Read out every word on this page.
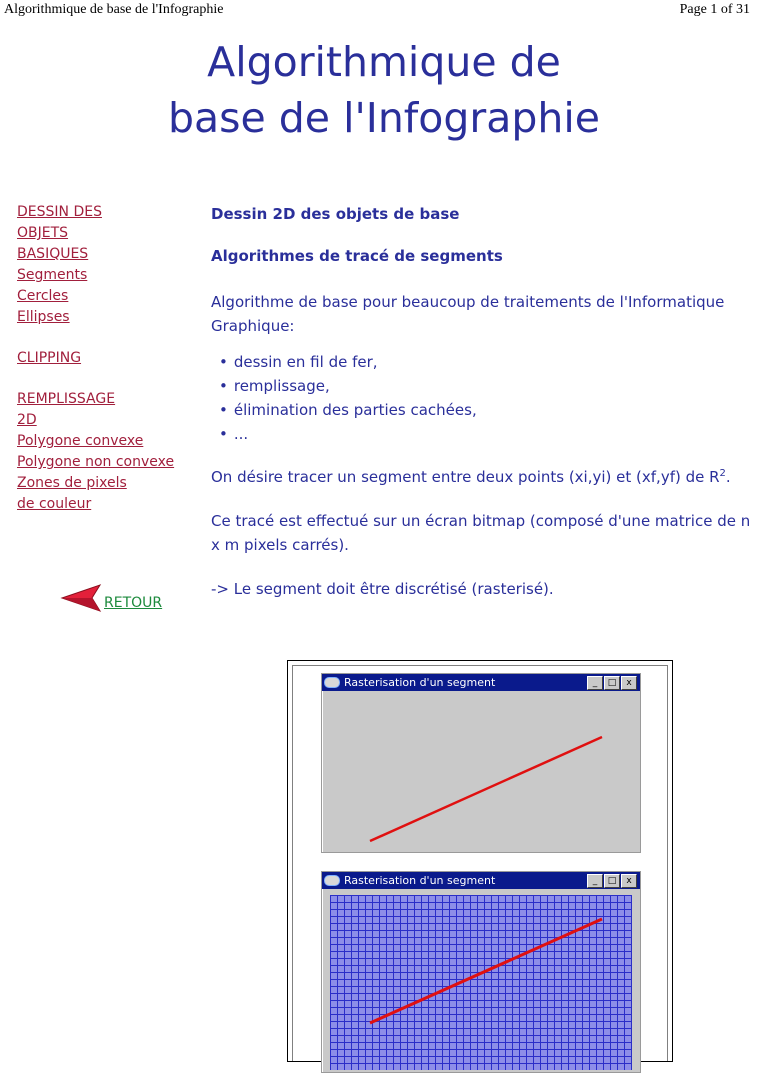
Algorithmique de base de l'Infographie	Page 1 of 31
Algorithmique de
base de l'Infographie
DESSIN DES
OBJETS
BASIQUES
Segments
Cercles
Ellipses
CLIPPING
REMPLISSAGE
2D
Polygone convexe
Polygone non convexe
Zones de pixels
de couleur
RETOUR
Dessin 2D des objets de base
Algorithmes de tracé de segments

Algorithme de base pour beaucoup de traitements de l'Informatique Graphique:

• dessin en fil de fer,
• remplissage,
• élimination des parties cachées,
• ...

On désire tracer un segment entre deux points (xi,yi) et (xf,yf) de $R^2$.

Ce tracé est effectué sur un écran bitmap (composé d'une matrice de n x m pixels carrés).

-> Le segment doit être discrétisé (rasterisé).

Rasterisation d'un segment	_	□	x
Rasterisation d'un segment	_	□	x
